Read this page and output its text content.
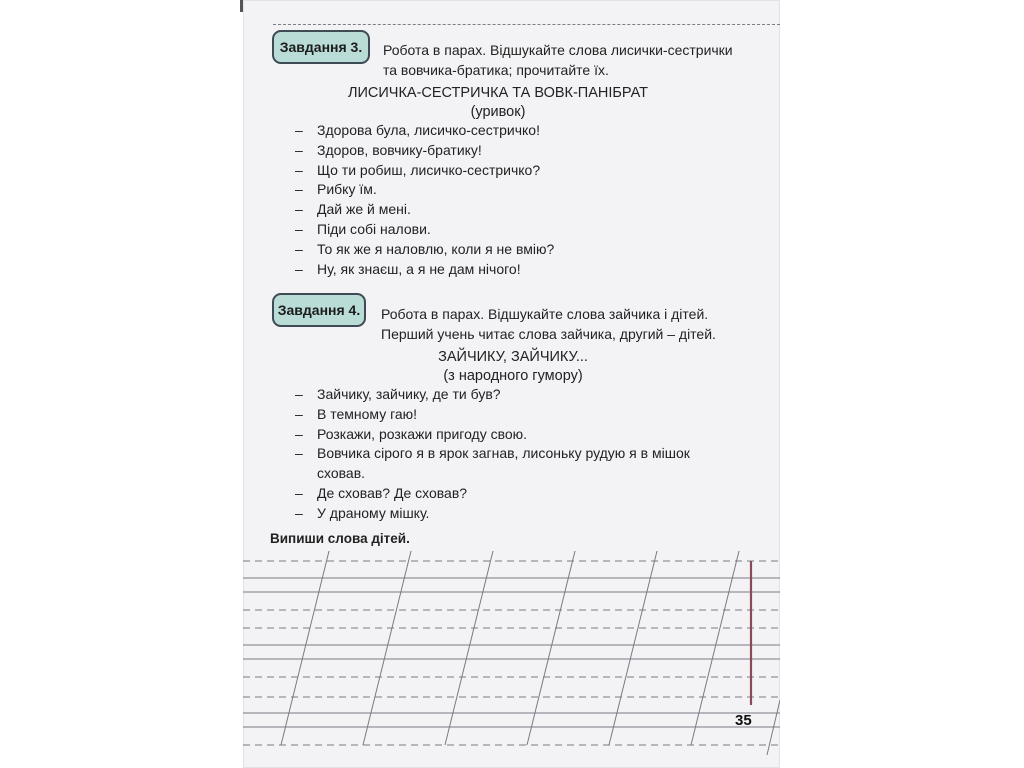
Завдання 3.	Робота в парах. Відшукайте слова лисички-сестрички
та вовчика-братика; прочитайте їх.
ЛИСИЧКА-СЕСТРИЧКА ТА ВОВК-ПАНІБРАТ
(уривок)
– Здорова була, лисичко-сестричко!
– Здоров, вовчику-братику!
– Що ти робиш, лисичко-сестричко?
– Рибку їм.
– Дай же й мені.
– Піди собі налови.
– То як же я наловлю, коли я не вмію?
– Ну, як знаєш, а я не дам нічого!
Завдання 4.	Робота в парах. Відшукайте слова зайчика і дітей.
Перший учень читає слова зайчика, другий – дітей.
ЗАЙЧИКУ, ЗАЙЧИКУ...
(з народного гумору)
– Зайчику, зайчику, де ти був?
– В темному гаю!
– Розкажи, розкажи пригоду свою.
– Вовчика сірого я в ярок загнав, лисоньку рудую я в мішок сховав.
– Де сховав? Де сховав?
– У драному мішку.
Випиши слова дітей.
35
